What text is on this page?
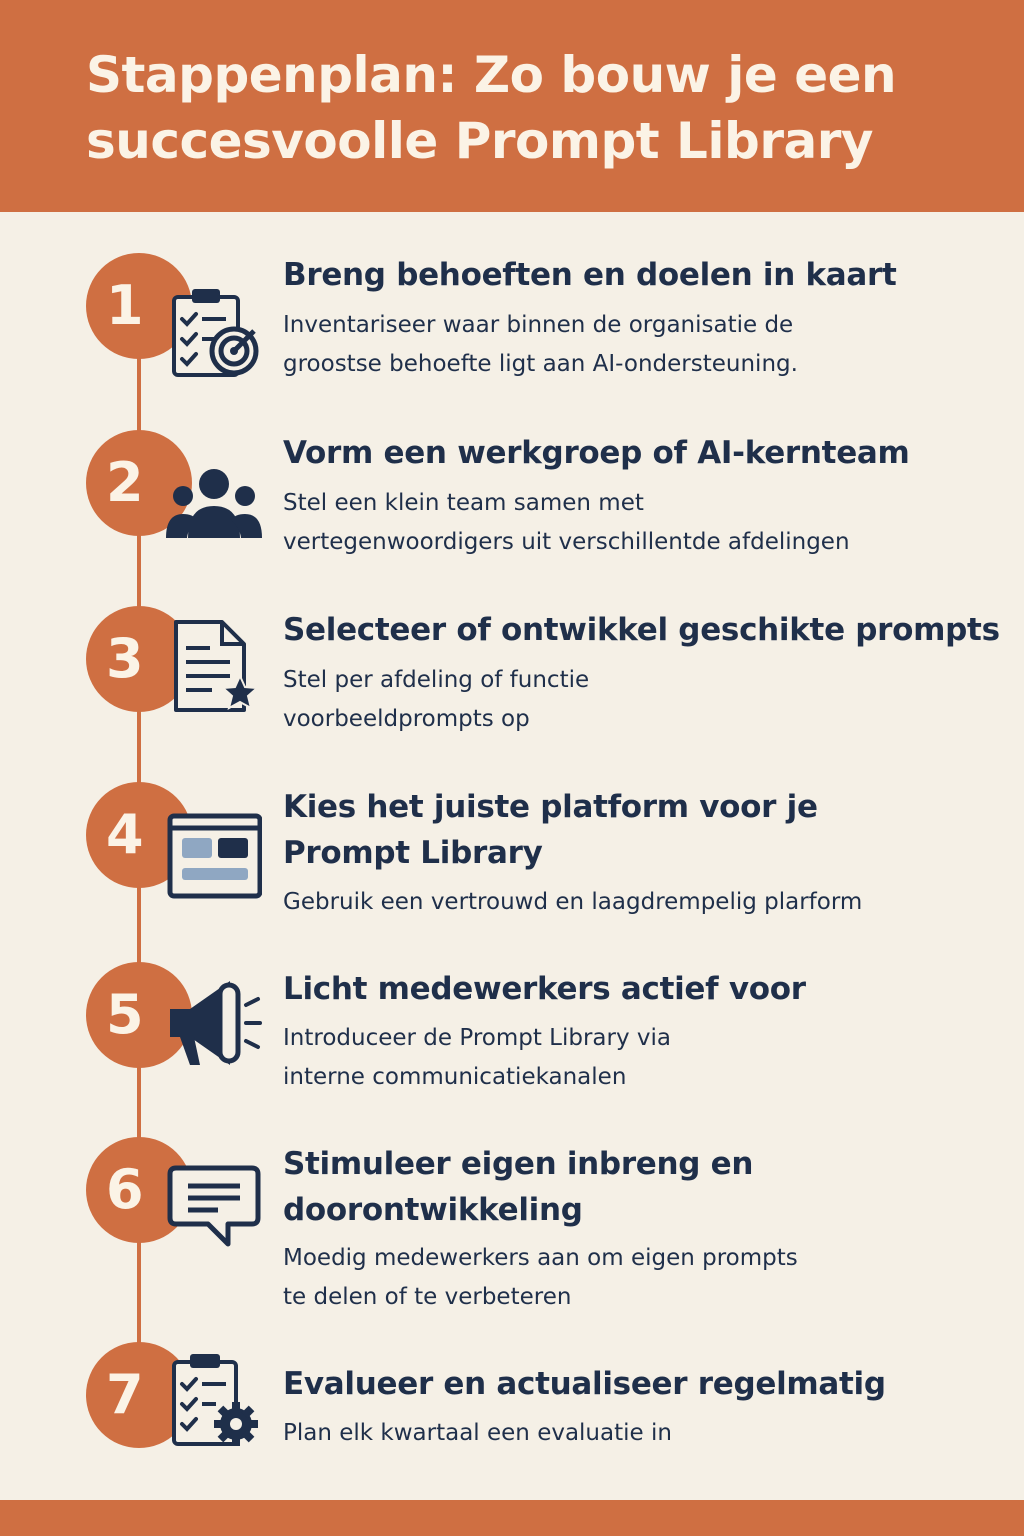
Stappenplan: Zo bouw je een
succesvoolle Prompt Library
1	Breng behoeften en doelen in kaart

Inventariseer waar binnen de organisatie de
groostse behoefte ligt aan AI-ondersteuning.

2	Vorm een werkgroep of AI-kernteam

Stel een klein team samen met
vertegenwoordigers uit verschillentde afdelingen

3	Selecteer of ontwikkel geschikte prompts

Stel per afdeling of functie
voorbeeldprompts op

4	Kies het juiste platform voor je
Prompt Library

Gebruik een vertrouwd en laagdrempelig plarform

5	Licht medewerkers actief voor

Introduceer de Prompt Library via
interne communicatiekanalen

6	Stimuleer eigen inbreng en
doorontwikkeling

Moedig medewerkers aan om eigen prompts
te delen of te verbeteren

7	Evalueer en actualiseer regelmatig

Plan elk kwartaal een evaluatie in
